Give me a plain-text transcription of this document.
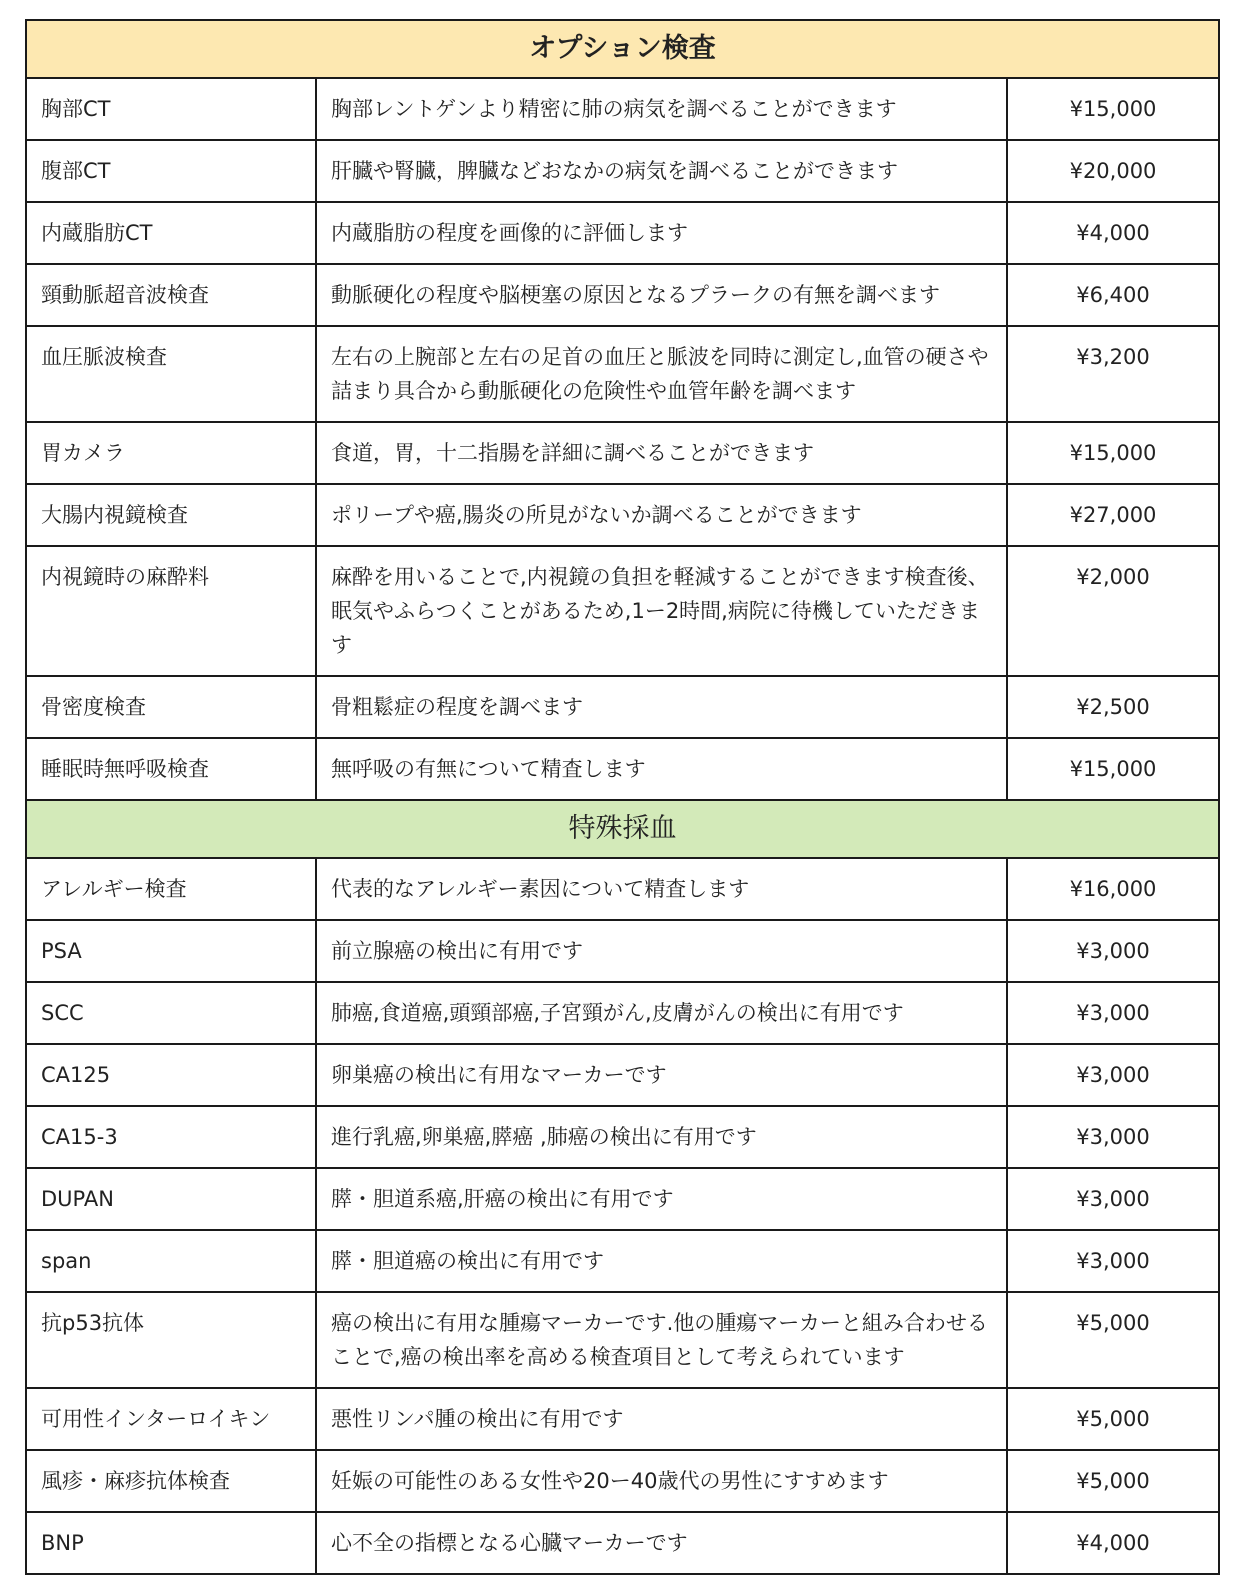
オプション検査		
胸部CT	胸部レントゲンより精密に肺の病気を調べることができます	¥15,000
腹部CT	肝臓や腎臓，脾臓などおなかの病気を調べることができます	¥20,000
内蔵脂肪CT	内蔵脂肪の程度を画像的に評価します	¥4,000
頸動脈超音波検査	動脈硬化の程度や脳梗塞の原因となるプラークの有無を調べます	¥6,400
血圧脈波検査	左右の上腕部と左右の足首の血圧と脈波を同時に測定し,血管の硬さや詰まり具合から動脈硬化の危険性や血管年齢を調べます	¥3,200
胃カメラ	食道，胃，十二指腸を詳細に調べることができます	¥15,000
大腸内視鏡検査	ポリープや癌,腸炎の所見がないか調べることができます	¥27,000
内視鏡時の麻酔料	麻酔を用いることで,内視鏡の負担を軽減することができます検査後、眠気やふらつくことがあるため,1ー2時間,病院に待機していただきます	¥2,000
骨密度検査	骨粗鬆症の程度を調べます	¥2,500
睡眠時無呼吸検査	無呼吸の有無について精査します	¥15,000
特殊採血		
アレルギー検査	代表的なアレルギー素因について精査します	¥16,000
PSA	前立腺癌の検出に有用です	¥3,000
SCC	肺癌,食道癌,頭頸部癌,子宮頸がん,皮膚がんの検出に有用です	¥3,000
CA125	卵巣癌の検出に有用なマーカーです	¥3,000
CA15-3	進行乳癌,卵巣癌,膵癌 ,肺癌の検出に有用です	¥3,000
DUPAN	膵・胆道系癌,肝癌の検出に有用です	¥3,000
span	膵・胆道癌の検出に有用です	¥3,000
抗p53抗体	癌の検出に有用な腫瘍マーカーです.他の腫瘍マーカーと組み合わせることで,癌の検出率を高める検査項目として考えられています	¥5,000
可用性インターロイキン	悪性リンパ腫の検出に有用です	¥5,000
風疹・麻疹抗体検査	妊娠の可能性のある女性や20ー40歳代の男性にすすめます	¥5,000
BNP	心不全の指標となる心臓マーカーです	¥4,000
